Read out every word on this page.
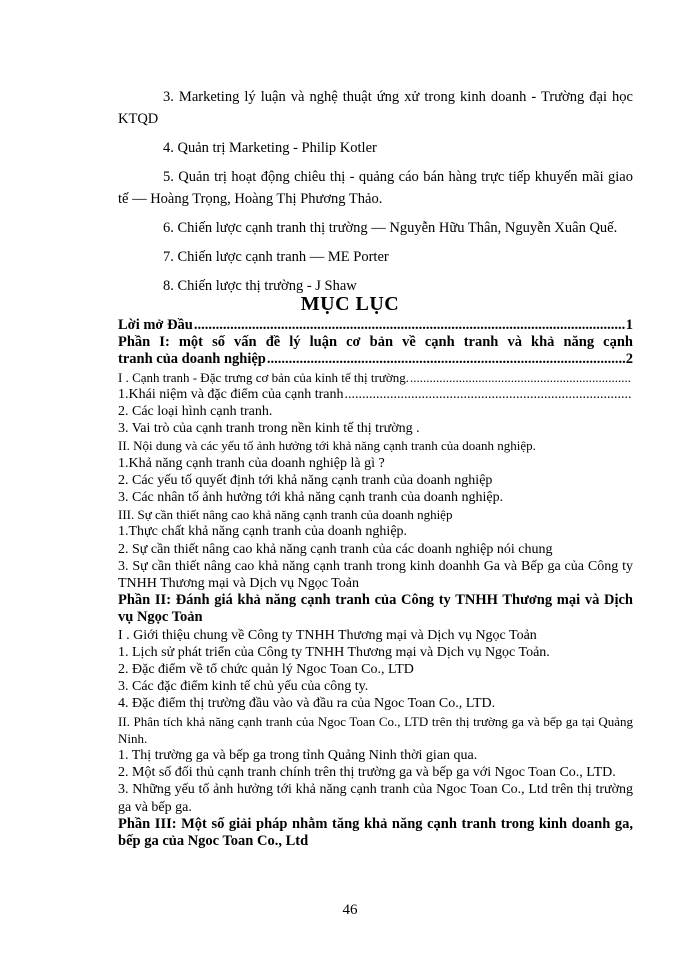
3. Marketing lý luận và nghệ thuật ứng xử trong kinh doanh - Trường đại học KTQD

4. Quản trị Marketing - Philip Kotler

5. Quản trị hoạt động chiêu thị - quảng cáo bán hàng trực tiếp khuyến mãi giao tế — Hoàng Trọng, Hoàng Thị Phương Thảo.

6. Chiến lược cạnh tranh thị trường — Nguyễn Hữu Thân, Nguyễn Xuân Quế.

7. Chiến lược cạnh tranh — ME Porter

8. Chiến lược thị trường - J Shaw

MỤC LỤC
Lời mở Đầu .....	1
Phần I: một số vấn đề lý luận cơ bản về cạnh tranh và khả năng cạnh
tranh của doanh nghiệp .....	2
I . Cạnh tranh - Đặc trưng cơ bản của kinh tế thị trường.
.....
1.Khái niệm và đặc điểm của cạnh tranh
.....
2. Các loại hình cạnh tranh.
3. Vai trò của cạnh tranh trong nền kinh tế thị trường .
II. Nội dung và các yếu tố ảnh hưởng tới khả năng cạnh tranh của doanh nghiệp.
1.Khả năng cạnh tranh của doanh nghiệp là gì ?
2. Các yếu tố quyết định tới khả năng cạnh tranh của doanh nghiệp
3. Các nhân tố ảnh hưởng tới khả năng cạnh tranh của doanh nghiệp.
III. Sự cần thiết nâng cao khả năng cạnh tranh của doanh nghiệp
1.Thực chất khả năng cạnh tranh của doanh nghiệp.
2. Sự cần thiết nâng cao khả năng cạnh tranh của các doanh nghiệp nói chung
3. Sự cần thiết nâng cao khả năng cạnh tranh trong kinh doanhh Ga và Bếp ga của Công ty TNHH Thương mại và Dịch vụ Ngọc Toản
Phần II: Đánh giá khả năng cạnh tranh của Công ty TNHH Thương mại và Dịch vụ Ngọc Toản
I . Giới thiệu chung về Công ty TNHH Thương mại và Dịch vụ Ngọc Toản
1. Lịch sử phát triển của Công ty TNHH Thương mại và Dịch vụ Ngọc Toản.
2. Đặc điểm về tổ chức quản lý Ngoc Toan Co., LTD
3. Các đặc điểm kinh tế chủ yếu của công ty.
4. Đặc điểm thị trường đầu vào và đầu ra của Ngoc Toan Co., LTD.
II. Phân tích khả năng cạnh tranh của Ngoc Toan Co., LTD trên thị trường ga và bếp ga tại Quảng Ninh.
1. Thị trường ga và bếp ga trong tỉnh Quảng Ninh thời gian qua.
2. Một số đối thủ cạnh tranh chính trên thị trường ga và bếp ga với Ngoc Toan Co., LTD.
3. Những yếu tố ảnh hưởng tới khả năng cạnh tranh của Ngoc Toan Co., Ltd trên thị trường ga và bếp ga.
Phần III: Một số giải pháp nhằm tăng khả năng cạnh tranh trong kinh doanh ga, bếp ga của Ngoc Toan Co., Ltd
46
